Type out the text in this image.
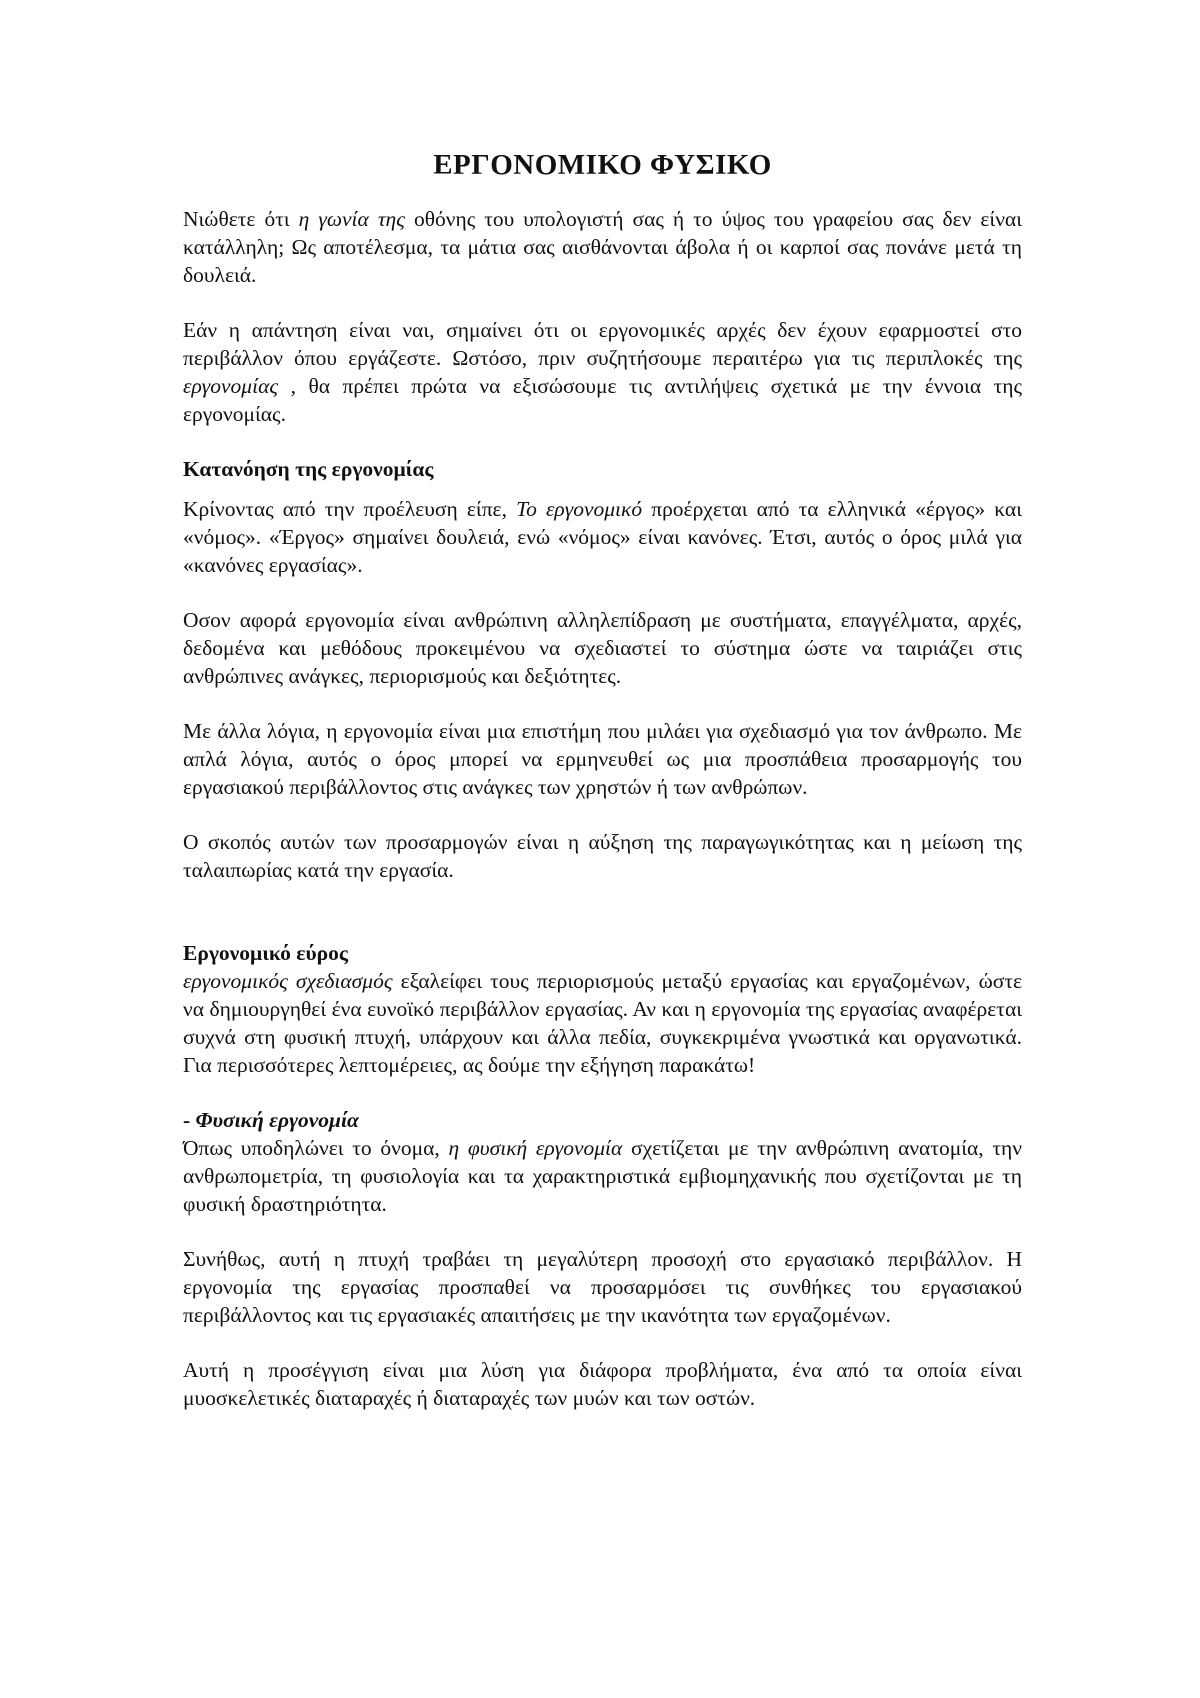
ΕΡΓΟΝΟΜΙΚΟ ΦΥΣΙΚΟ

Νιώθετε ότι η γωνία της οθόνης του υπολογιστή σας ή το ύψος του γραφείου σας δεν είναι κατάλληλη; Ως αποτέλεσμα, τα μάτια σας αισθάνονται άβολα ή οι καρποί σας πονάνε μετά τη δουλειά.

Εάν η απάντηση είναι ναι, σημαίνει ότι οι εργονομικές αρχές δεν έχουν εφαρμοστεί στο περιβάλλον όπου εργάζεστε. Ωστόσο, πριν συζητήσουμε περαιτέρω για τις περιπλοκές της εργονομίας , θα πρέπει πρώτα να εξισώσουμε τις αντιλήψεις σχετικά με την έννοια της εργονομίας.

Κατανόηση της εργονομίας

Κρίνοντας από την προέλευση είπε, Το εργονομικό προέρχεται από τα ελληνικά «έργος» και «νόμος». «Έργος» σημαίνει δουλειά, ενώ «νόμος» είναι κανόνες. Έτσι, αυτός ο όρος μιλά για «κανόνες εργασίας».

Οσον αφορά εργονομία είναι ανθρώπινη αλληλεπίδραση με συστήματα, επαγγέλματα, αρχές, δεδομένα και μεθόδους προκειμένου να σχεδιαστεί το σύστημα ώστε να ταιριάζει στις ανθρώπινες ανάγκες, περιορισμούς και δεξιότητες.

Με άλλα λόγια, η εργονομία είναι μια επιστήμη που μιλάει για σχεδιασμό για τον άνθρωπο. Με απλά λόγια, αυτός ο όρος μπορεί να ερμηνευθεί ως μια προσπάθεια προσαρμογής του εργασιακού περιβάλλοντος στις ανάγκες των χρηστών ή των ανθρώπων.

Ο σκοπός αυτών των προσαρμογών είναι η αύξηση της παραγωγικότητας και η μείωση της ταλαιπωρίας κατά την εργασία.

Εργονομικό εύρος

εργονομικός σχεδιασμός εξαλείφει τους περιορισμούς μεταξύ εργασίας και εργαζομένων, ώστε να δημιουργηθεί ένα ευνοϊκό περιβάλλον εργασίας. Αν και η εργονομία της εργασίας αναφέρεται συχνά στη φυσική πτυχή, υπάρχουν και άλλα πεδία, συγκεκριμένα γνωστικά και οργανωτικά. Για περισσότερες λεπτομέρειες, ας δούμε την εξήγηση παρακάτω!

- Φυσική εργονομία

Όπως υποδηλώνει το όνομα, η φυσική εργονομία σχετίζεται με την ανθρώπινη ανατομία, την ανθρωπομετρία, τη φυσιολογία και τα χαρακτηριστικά εμβιομηχανικής που σχετίζονται με τη φυσική δραστηριότητα.

Συνήθως, αυτή η πτυχή τραβάει τη μεγαλύτερη προσοχή στο εργασιακό περιβάλλον. Η εργονομία της εργασίας προσπαθεί να προσαρμόσει τις συνθήκες του εργασιακού περιβάλλοντος και τις εργασιακές απαιτήσεις με την ικανότητα των εργαζομένων.

Αυτή η προσέγγιση είναι μια λύση για διάφορα προβλήματα, ένα από τα οποία είναι μυοσκελετικές διαταραχές ή διαταραχές των μυών και των οστών.
